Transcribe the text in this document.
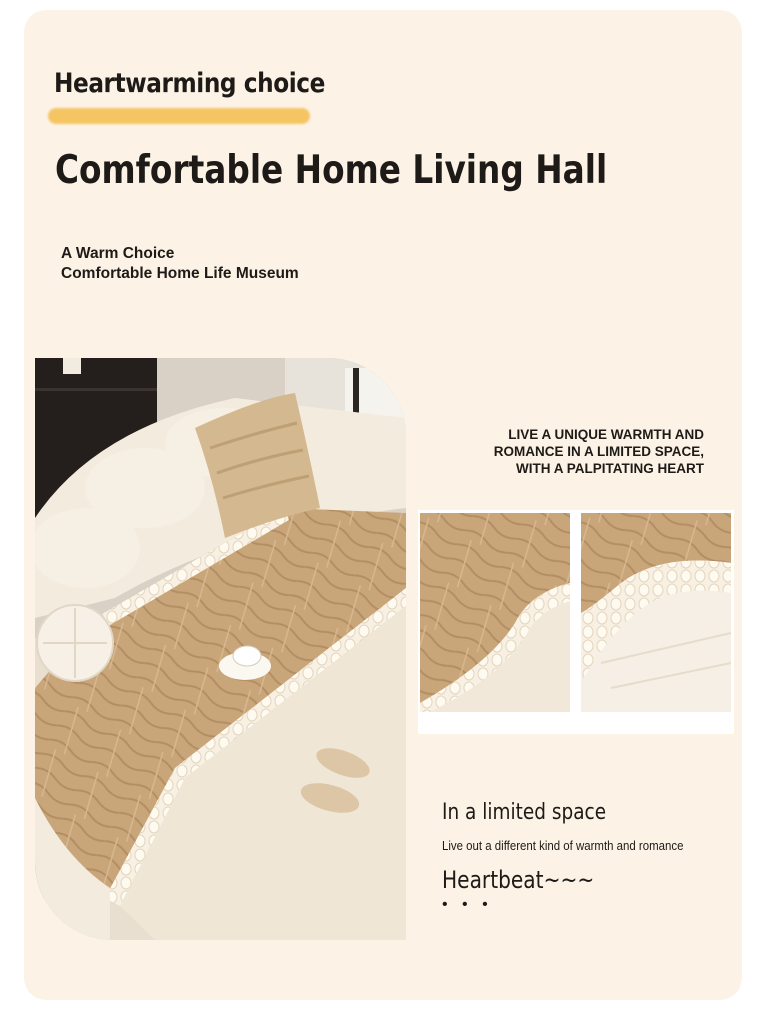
Heartwarming choice
Comfortable Home Living Hall
A Warm Choice
Comfortable Home Life Museum
LIVE A UNIQUE WARMTH AND
ROMANCE IN A LIMITED SPACE,
WITH A PALPITATING HEART
In a limited space
Live out a different kind of warmth and romance
Heartbeat~~~
• • •
